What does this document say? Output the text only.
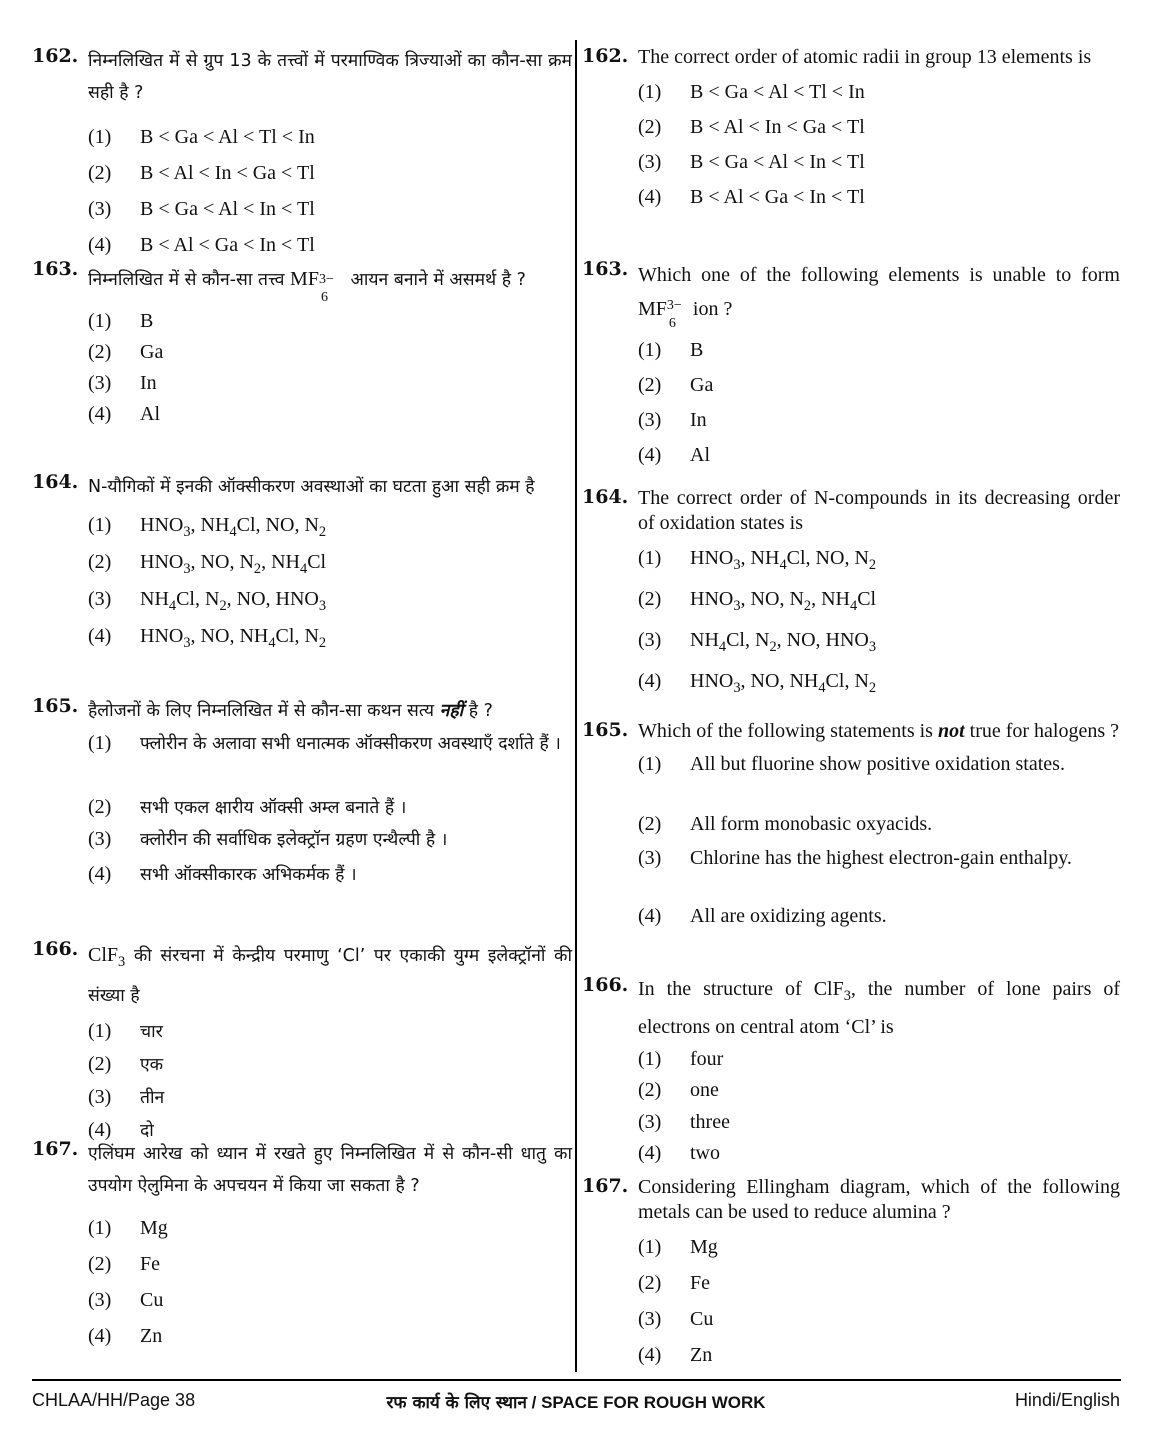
162. निम्नलिखित में से ग्रुप 13 के तत्त्वों में परमाण्विक त्रिज्याओं का कौन-सा क्रम सही है ?
(1) B < Ga < Al < Tl < In
(2) B < Al < In < Ga < Tl
(3) B < Ga < Al < In < Tl
(4) B < Al < Ga < In < Tl
163. निम्नलिखित में से कौन-सा तत्त्व MF 3−
6
आयन बनाने में असमर्थ है ?
(1) B
(2) Ga
(3) In
(4) Al
164. N-यौगिकों में इनकी ऑक्सीकरण अवस्थाओं का घटता हुआ सही क्रम है
(1) $HNO_3$, $NH_4Cl$, NO, $N_2$
(2) $HNO_3$, NO, $N_2$, $NH_4Cl$
(3) $NH_4Cl$, $N_2$, NO, $HNO_3$
(4) $HNO_3$, NO, $NH_4Cl$, $N_2$
165. हैलोजनों के लिए निम्नलिखित में से कौन-सा कथन सत्य नहीं है ?
(1) फ्लोरीन के अलावा सभी धनात्मक ऑक्सीकरण अवस्थाएँ दर्शाते हैं ।
(2) सभी एकल क्षारीय ऑक्सी अम्ल बनाते हैं ।
(3) क्लोरीन की सर्वाधिक इलेक्ट्रॉन ग्रहण एन्थैल्पी है ।
(4) सभी ऑक्सीकारक अभिकर्मक हैं ।
166. ClF$_3$ की संरचना में केन्द्रीय परमाणु ‘Cl’ पर एकाकी युग्म इलेक्ट्रॉनों की संख्या है
(1) चार
(2) एक
(3) तीन
(4) दो
167. एलिंघम आरेख को ध्यान में रखते हुए निम्नलिखित में से कौन-सी धातु का उपयोग ऐलुमिना के अपचयन में किया जा सकता है ?
(1) Mg
(2) Fe
(3) Cu
(4) Zn
162. The correct order of atomic radii in group 13 elements is
(1) B < Ga < Al < Tl < In
(2) B < Al < In < Ga < Tl
(3) B < Ga < Al < In < Tl
(4) B < Al < Ga < In < Tl
163. Which one of the following elements is unable to form MF 3−
6
ion ?
(1) B
(2) Ga
(3) In
(4) Al
164. The correct order of N-compounds in its decreasing order of oxidation states is
(1) $HNO_3$, $NH_4Cl$, NO, $N_2$
(2) $HNO_3$, NO, $N_2$, $NH_4Cl$
(3) $NH_4Cl$, $N_2$, NO, $HNO_3$
(4) $HNO_3$, NO, $NH_4Cl$, $N_2$
165. Which of the following statements is not true for halogens ?
(1) All but fluorine show positive oxidation states.
(2) All form monobasic oxyacids.
(3) Chlorine has the highest electron-gain enthalpy.
(4) All are oxidizing agents.
166. In the structure of ClF$_3$, the number of lone pairs of electrons on central atom ‘Cl’ is
(1) four
(2) one
(3) three
(4) two
167. Considering Ellingham diagram, which of the following metals can be used to reduce alumina ?
(1) Mg
(2) Fe
(3) Cu
(4) Zn
CHLAA/HH/Page 38	रफ कार्य के लिए स्थान / SPACE FOR ROUGH WORK	Hindi/English
